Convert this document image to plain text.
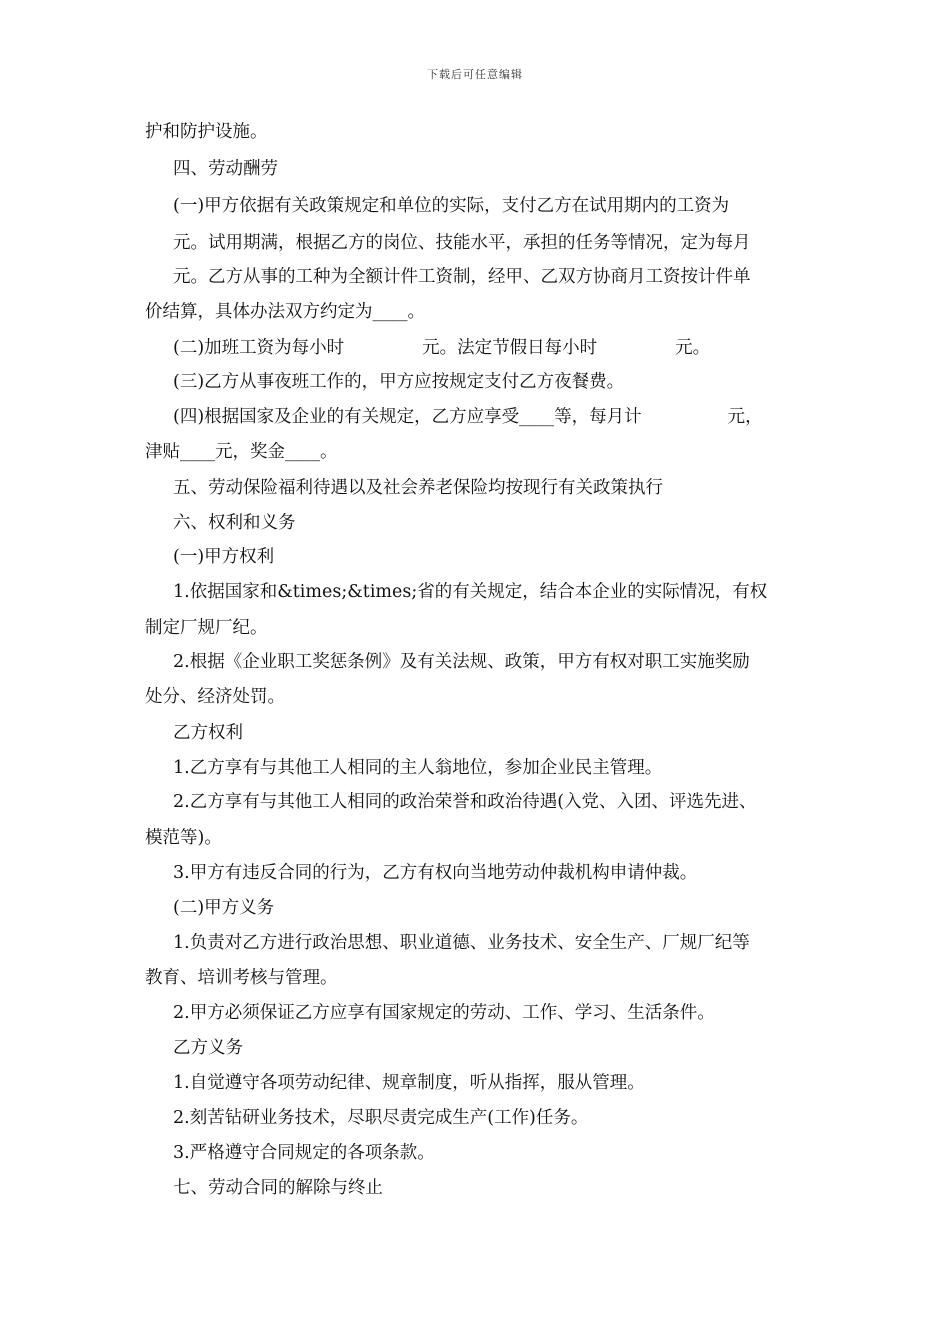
下载后可任意编辑
护和防护设施。
四、劳动酬劳
(一)甲方依据有关政策规定和单位的实际，支付乙方在试用期内的工资为
元。试用期满，根据乙方的岗位、技能水平，承担的任务等情况，定为每月
元。乙方从事的工种为全额计件工资制，经甲、乙双方协商月工资按计件单
价结算，具体办法双方约定为____。
(二)加班工资为每小时	元。法定节假日每小时	元。
(三)乙方从事夜班工作的，甲方应按规定支付乙方夜餐费。
(四)根据国家及企业的有关规定，乙方应享受____等，每月计	元，
津贴____元，奖金____。
五、劳动保险福利待遇以及社会养老保险均按现行有关政策执行
六、权利和义务
(一)甲方权利
1.依据国家和&times;&times;省的有关规定，结合本企业的实际情况，有权
制定厂规厂纪。
2.根据《企业职工奖惩条例》及有关法规、政策，甲方有权对职工实施奖励
处分、经济处罚。
乙方权利
1.乙方享有与其他工人相同的主人翁地位，参加企业民主管理。
2.乙方享有与其他工人相同的政治荣誉和政治待遇(入党、入团、评选先进、
模范等)。
3.甲方有违反合同的行为，乙方有权向当地劳动仲裁机构申请仲裁。
(二)甲方义务
1.负责对乙方进行政治思想、职业道德、业务技术、安全生产、厂规厂纪等
教育、培训考核与管理。
2.甲方必须保证乙方应享有国家规定的劳动、工作、学习、生活条件。
乙方义务
1.自觉遵守各项劳动纪律、规章制度，听从指挥，服从管理。
2.刻苦钻研业务技术，尽职尽责完成生产(工作)任务。
3.严格遵守合同规定的各项条款。
七、劳动合同的解除与终止
